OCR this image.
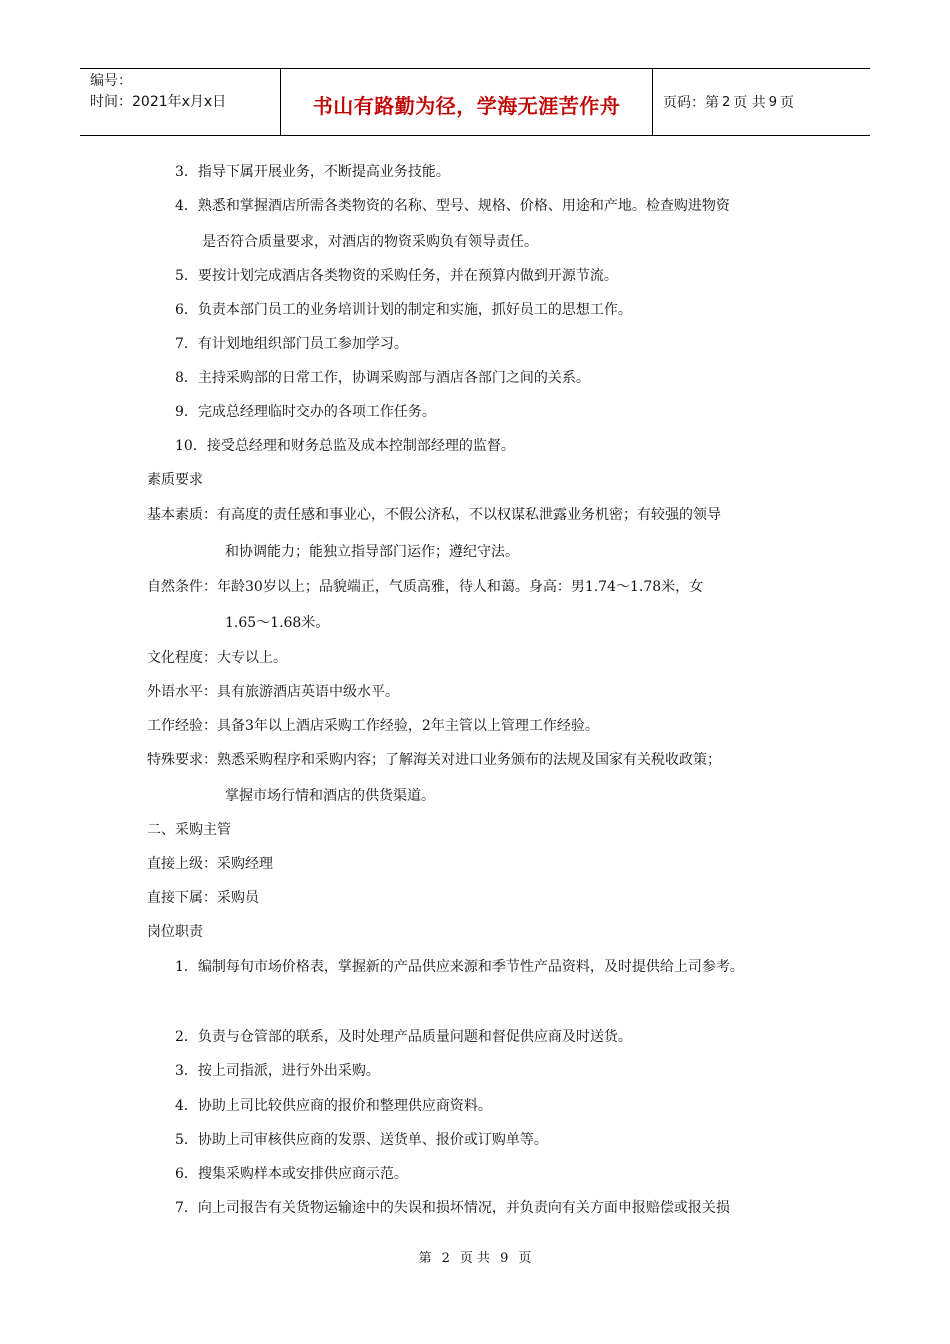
编号：
时间：2021年x月x日	书山有路勤为径，学海无涯苦作舟	页码：第 2 页 共 9 页
3．指导下属开展业务，不断提高业务技能。
4．熟悉和掌握酒店所需各类物资的名称、型号、规格、价格、用途和产地。检查购进物资
是否符合质量要求，对酒店的物资采购负有领导责任。
5．要按计划完成酒店各类物资的采购任务，并在预算内做到开源节流。
6．负责本部门员工的业务培训计划的制定和实施，抓好员工的思想工作。
7．有计划地组织部门员工参加学习。
8．主持采购部的日常工作，协调采购部与酒店各部门之间的关系。
9．完成总经理临时交办的各项工作任务。
10．接受总经理和财务总监及成本控制部经理的监督。
素质要求
基本素质：有高度的责任感和事业心，不假公济私，不以权谋私泄露业务机密；有较强的领导
和协调能力；能独立指导部门运作；遵纪守法。
自然条件：年龄30岁以上；品貌端正，气质高雅，待人和蔼。身高：男1.74～1.78米，女
1.65～1.68米。
文化程度：大专以上。
外语水平：具有旅游酒店英语中级水平。
工作经验：具备3年以上酒店采购工作经验，2年主管以上管理工作经验。
特殊要求：熟悉采购程序和采购内容；了解海关对进口业务颁布的法规及国家有关税收政策；
掌握市场行情和酒店的供货渠道。
二、采购主管
直接上级：采购经理
直接下属：采购员
岗位职责
1．编制每旬市场价格表，掌握新的产品供应来源和季节性产品资料，及时提供给上司参考。
2．负责与仓管部的联系，及时处理产品质量问题和督促供应商及时送货。
3．按上司指派，进行外出采购。
4．协助上司比较供应商的报价和整理供应商资料。
5．协助上司审核供应商的发票、送货单、报价或订购单等。
6．搜集采购样本或安排供应商示范。
7．向上司报告有关货物运输途中的失误和损坏情况，并负责向有关方面申报赔偿或报关损
第 2 页 共 9 页
